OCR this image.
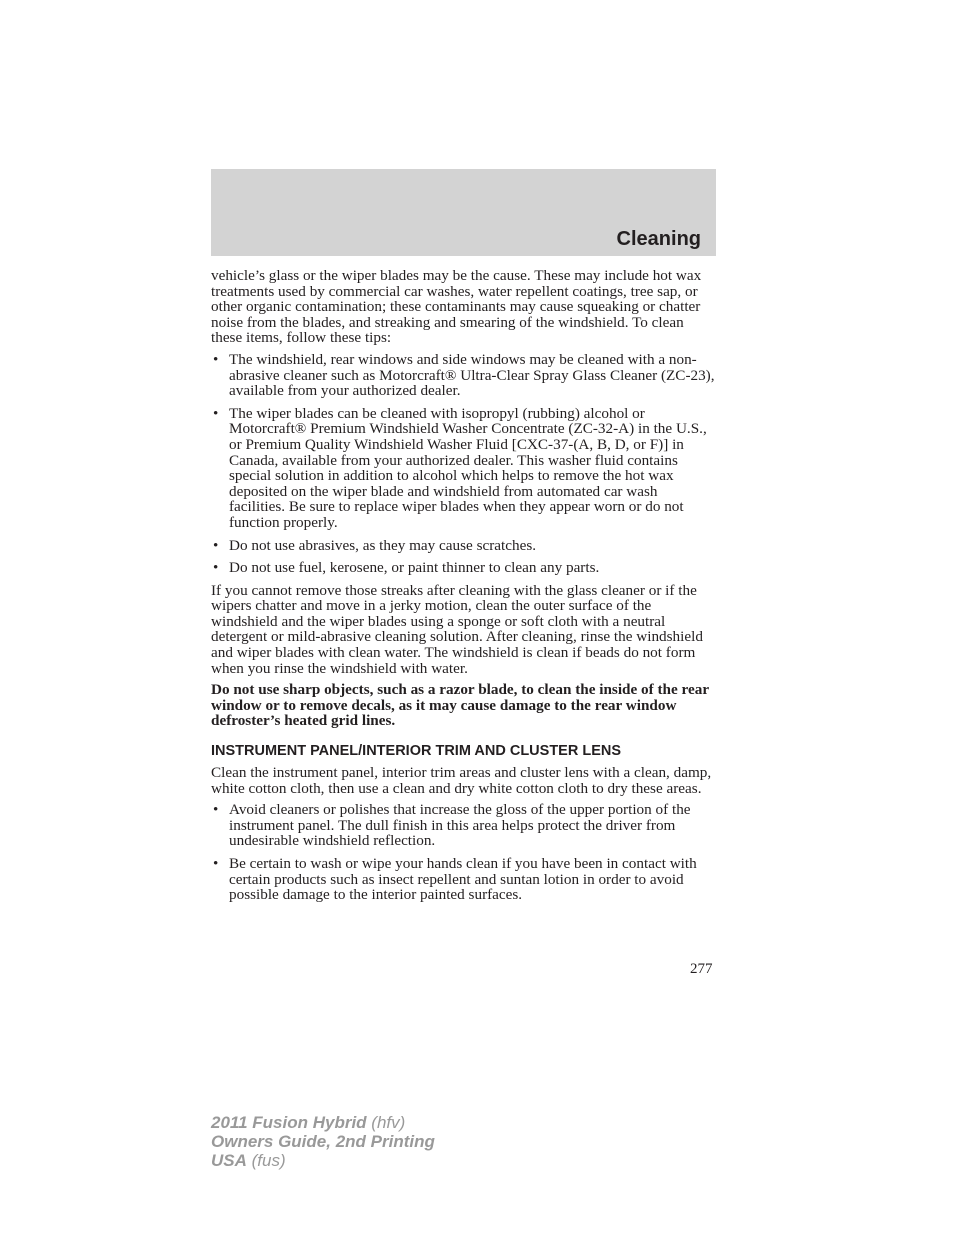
Cleaning

vehicle’s glass or the wiper blades may be the cause. These may include hot wax treatments used by commercial car washes, water repellent coatings, tree sap, or other organic contamination; these contaminants may cause squeaking or chatter noise from the blades, and streaking and smearing of the windshield. To clean these items, follow these tips:

• The windshield, rear windows and side windows may be cleaned with a non-abrasive cleaner such as Motorcraft® Ultra-Clear Spray Glass Cleaner (ZC-23), available from your authorized dealer.
• The wiper blades can be cleaned with isopropyl (rubbing) alcohol or Motorcraft® Premium Windshield Washer Concentrate (ZC-32-A) in the U.S., or Premium Quality Windshield Washer Fluid [CXC-37-(A, B, D, or F)] in Canada, available from your authorized dealer. This washer fluid contains special solution in addition to alcohol which helps to remove the hot wax deposited on the wiper blade and windshield from automated car wash facilities. Be sure to replace wiper blades when they appear worn or do not function properly.
• Do not use abrasives, as they may cause scratches.
• Do not use fuel, kerosene, or paint thinner to clean any parts.

If you cannot remove those streaks after cleaning with the glass cleaner or if the wipers chatter and move in a jerky motion, clean the outer surface of the windshield and the wiper blades using a sponge or soft cloth with a neutral detergent or mild-abrasive cleaning solution. After cleaning, rinse the windshield and wiper blades with clean water. The windshield is clean if beads do not form when you rinse the windshield with water.

Do not use sharp objects, such as a razor blade, to clean the inside of the rear window or to remove decals, as it may cause damage to the rear window defroster’s heated grid lines.

INSTRUMENT PANEL/INTERIOR TRIM AND CLUSTER LENS

Clean the instrument panel, interior trim areas and cluster lens with a clean, damp, white cotton cloth, then use a clean and dry white cotton cloth to dry these areas.

• Avoid cleaners or polishes that increase the gloss of the upper portion of the instrument panel. The dull finish in this area helps protect the driver from undesirable windshield reflection.
• Be certain to wash or wipe your hands clean if you have been in contact with certain products such as insect repellent and suntan lotion in order to avoid possible damage to the interior painted surfaces.
277
2011 Fusion Hybrid (hfv)
Owners Guide, 2nd Printing
USA (fus)
